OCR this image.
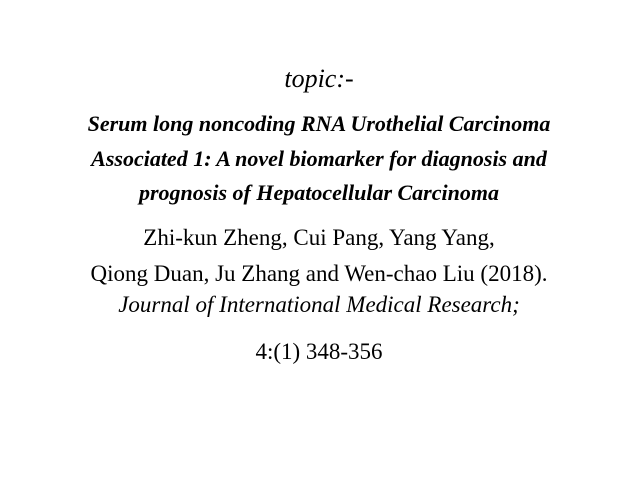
topic:-
Serum long noncoding RNA Urothelial Carcinoma
Associated 1: A novel biomarker for diagnosis and
prognosis of Hepatocellular Carcinoma
Zhi-kun Zheng, Cui Pang, Yang Yang,
Qiong Duan, Ju Zhang and Wen-chao Liu (2018).
Journal of International Medical Research;
4:(1) 348-356
